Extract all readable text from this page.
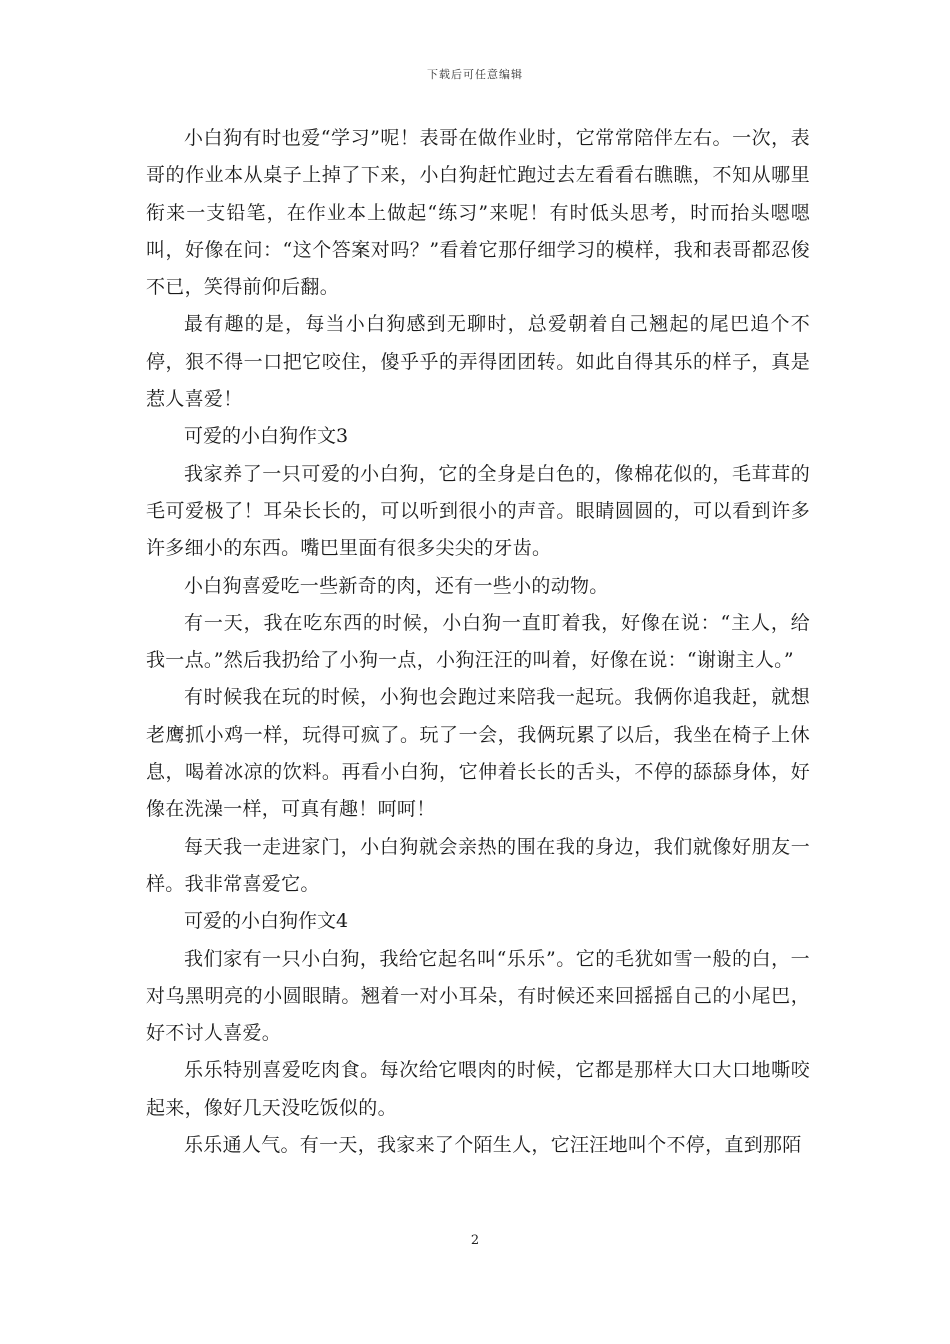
下载后可任意编辑

小白狗有时也爱“学习”呢！表哥在做作业时，它常常陪伴左右。一次，表哥的作业本从桌子上掉了下来，小白狗赶忙跑过去左看看右瞧瞧，不知从哪里衔来一支铅笔，在作业本上做起“练习”来呢！有时低头思考，时而抬头嗯嗯叫，好像在问：“这个答案对吗？”看着它那仔细学习的模样，我和表哥都忍俊不已，笑得前仰后翻。

最有趣的是，每当小白狗感到无聊时，总爱朝着自己翘起的尾巴追个不停，狠不得一口把它咬住，傻乎乎的弄得团团转。如此自得其乐的样子，真是惹人喜爱！

可爱的小白狗作文3

我家养了一只可爱的小白狗，它的全身是白色的，像棉花似的，毛茸茸的毛可爱极了！耳朵长长的，可以听到很小的声音。眼睛圆圆的，可以看到许多许多细小的东西。嘴巴里面有很多尖尖的牙齿。

小白狗喜爱吃一些新奇的肉，还有一些小的动物。

有一天，我在吃东西的时候，小白狗一直盯着我，好像在说：“主人，给我一点。”然后我扔给了小狗一点，小狗汪汪的叫着，好像在说：“谢谢主人。”

有时候我在玩的时候，小狗也会跑过来陪我一起玩。我俩你追我赶，就想老鹰抓小鸡一样，玩得可疯了。玩了一会，我俩玩累了以后，我坐在椅子上休息，喝着冰凉的饮料。再看小白狗，它伸着长长的舌头，不停的舔舔身体，好像在洗澡一样，可真有趣！呵呵！

每天我一走进家门，小白狗就会亲热的围在我的身边，我们就像好朋友一样。我非常喜爱它。

可爱的小白狗作文4

我们家有一只小白狗，我给它起名叫“乐乐”。它的毛犹如雪一般的白，一对乌黑明亮的小圆眼睛。翘着一对小耳朵，有时候还来回摇摇自己的小尾巴，好不讨人喜爱。

乐乐特别喜爱吃肉食。每次给它喂肉的时候，它都是那样大口大口地嘶咬起来，像好几天没吃饭似的。

乐乐通人气。有一天，我家来了个陌生人，它汪汪地叫个不停，直到那陌

2
